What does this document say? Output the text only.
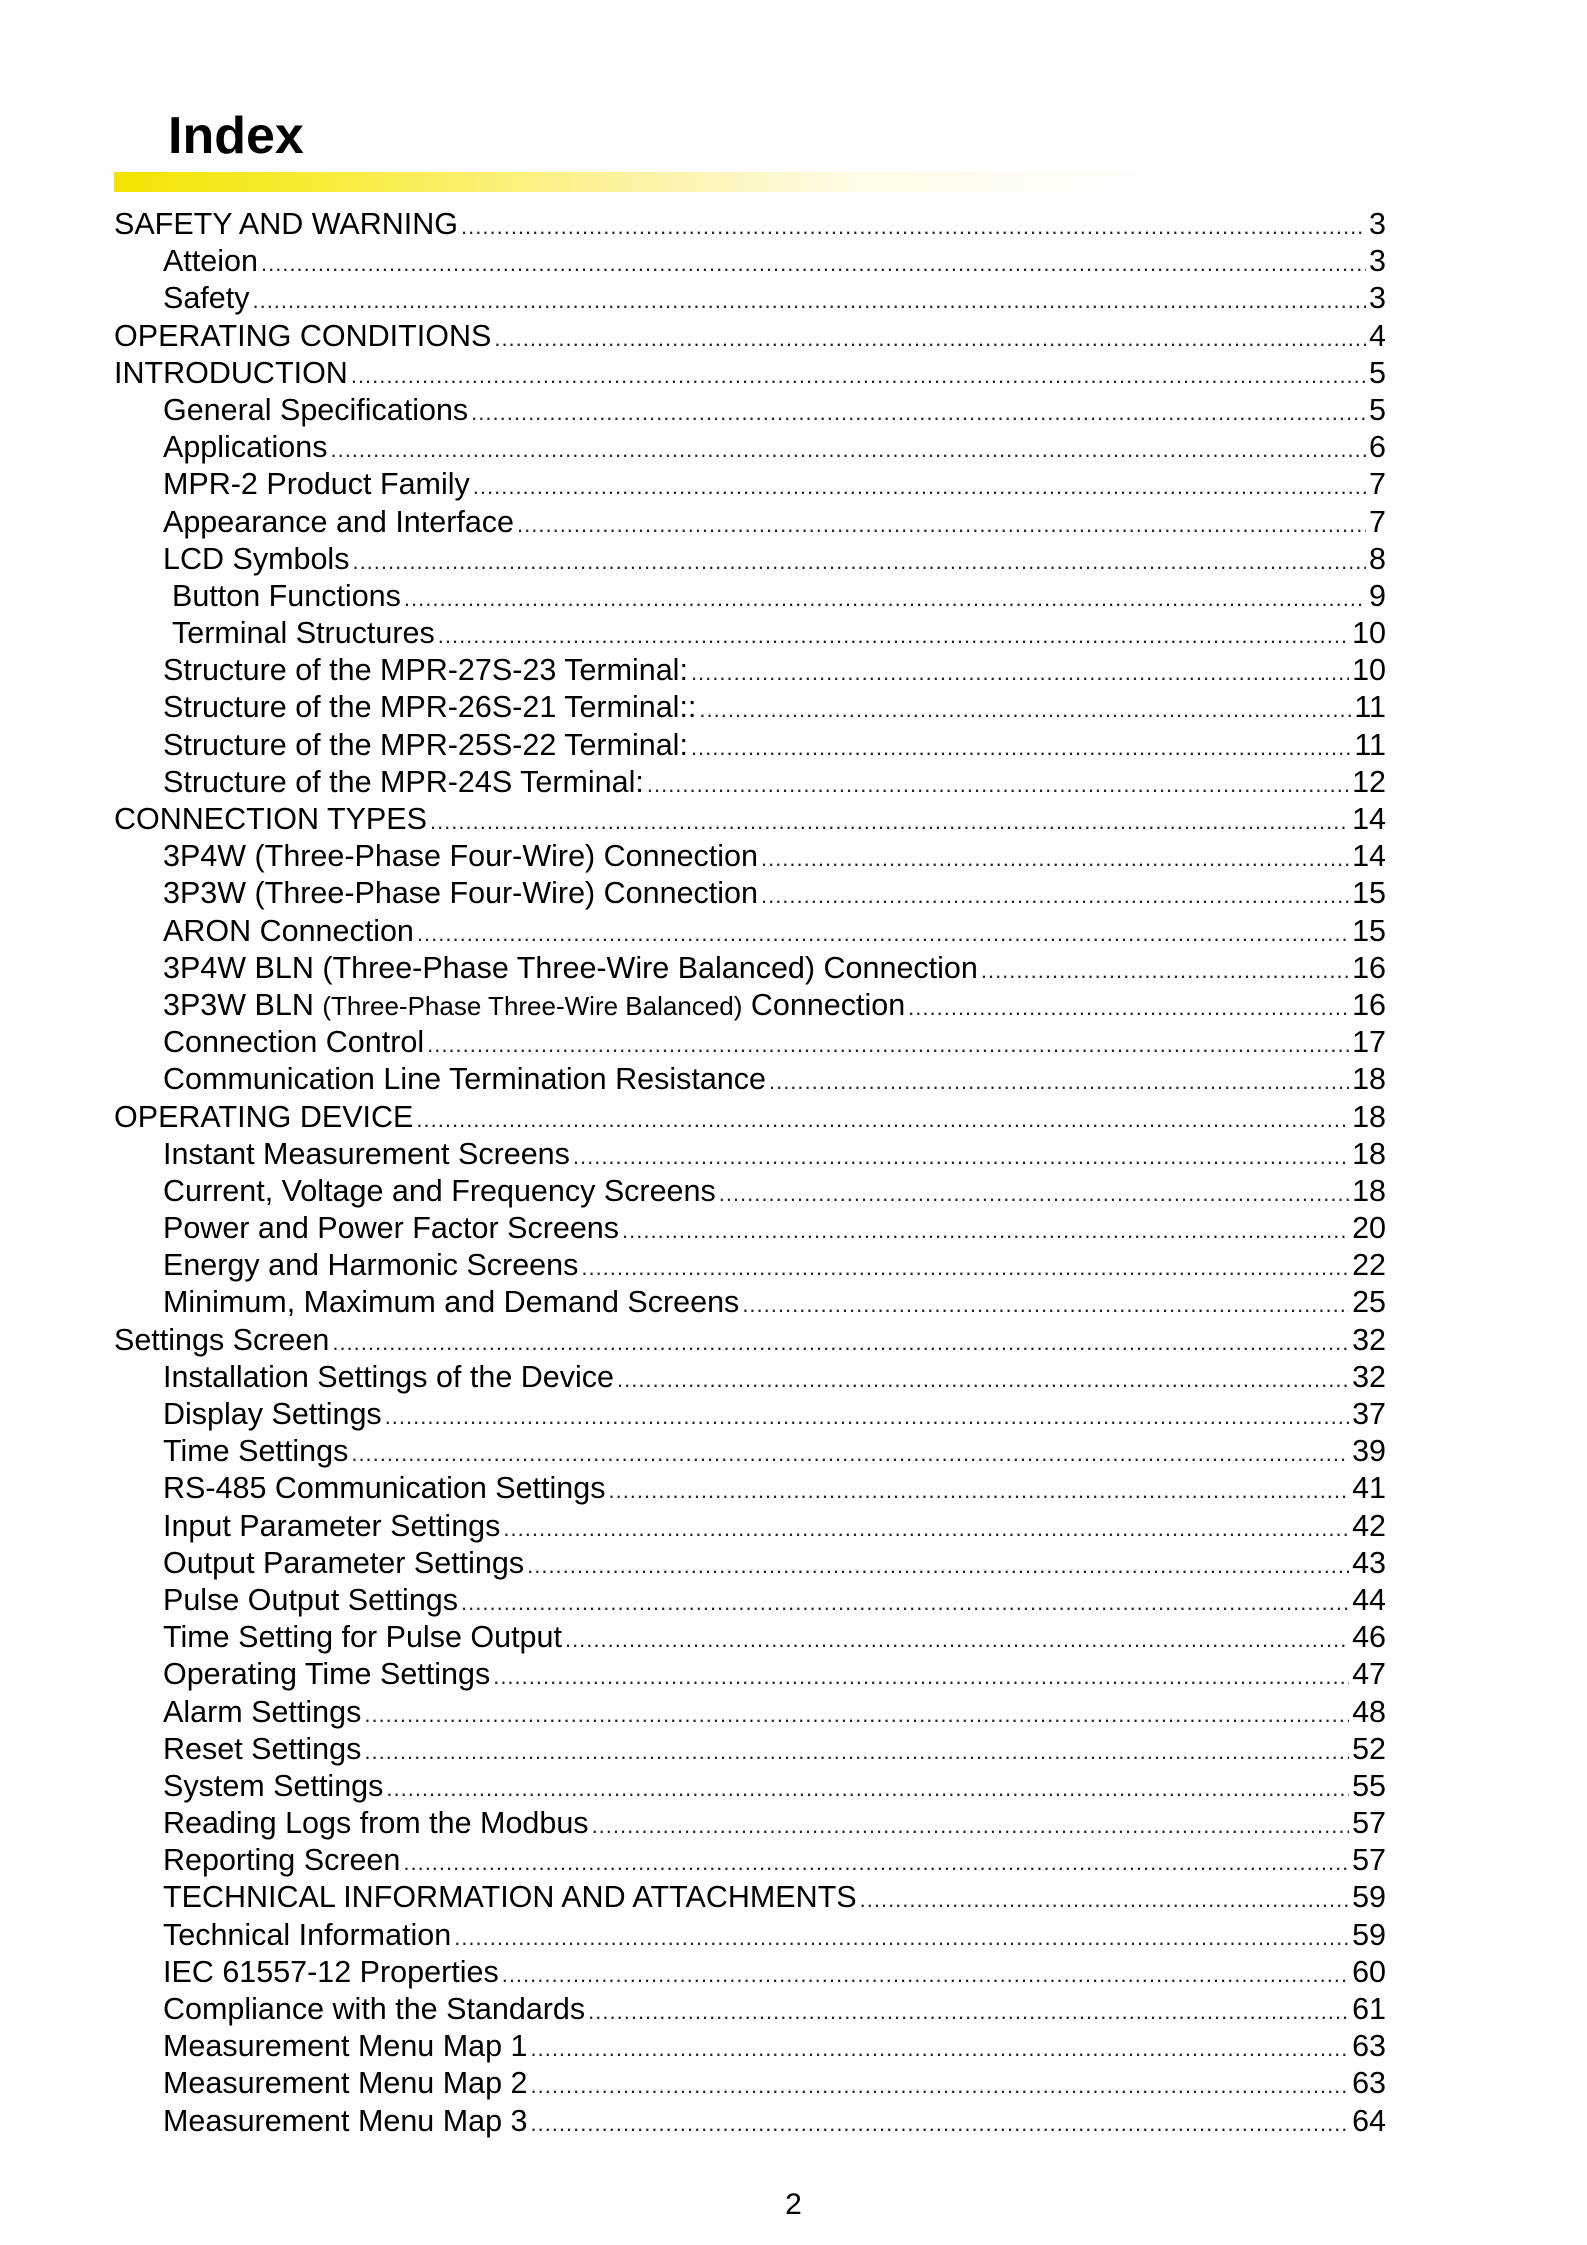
Index
SAFETY AND WARNING .....	3
Atteion .....	3
Safety .....	3
OPERATING CONDITIONS .....	4
INTRODUCTION .....	5
General Specifications .....	5
Applications .....	6
MPR-2 Product Family .....	7
Appearance and Interface .....	7
LCD Symbols .....	8
Button Functions .....	9
Terminal Structures .....	10
Structure of the MPR-27S-23 Terminal: .....	10
Structure of the MPR-26S-21 Terminal:: .....	11
Structure of the MPR-25S-22 Terminal: .....	11
Structure of the MPR-24S Terminal: .....	12
CONNECTION TYPES .....	14
3P4W (Three-Phase Four-Wire) Connection .....	14
3P3W (Three-Phase Four-Wire) Connection .....	15
ARON Connection .....	15
3P4W BLN (Three-Phase Three-Wire Balanced) Connection .....	16
3P3W BLN (Three-Phase Three-Wire Balanced) Connection .....	16
Connection Control .....	17
Communication Line Termination Resistance .....	18
OPERATING DEVICE .....	18
Instant Measurement Screens .....	18
Current, Voltage and Frequency Screens .....	18
Power and Power Factor Screens .....	20
Energy and Harmonic Screens .....	22
Minimum, Maximum and Demand Screens .....	25
Settings Screen .....	32
Installation Settings of the Device .....	32
Display Settings .....	37
Time Settings .....	39
RS-485 Communication Settings .....	41
Input Parameter Settings .....	42
Output Parameter Settings .....	43
Pulse Output Settings .....	44
Time Setting for Pulse Output .....	46
Operating Time Settings .....	47
Alarm Settings .....	48
Reset Settings .....	52
System Settings .....	55
Reading Logs from the Modbus .....	57
Reporting Screen .....	57
TECHNICAL INFORMATION AND ATTACHMENTS .....	59
Technical Information .....	59
IEC 61557-12 Properties .....	60
Compliance with the Standards .....	61
Measurement Menu Map 1 .....	63
Measurement Menu Map 2 .....	63
Measurement Menu Map 3 .....	64
2
